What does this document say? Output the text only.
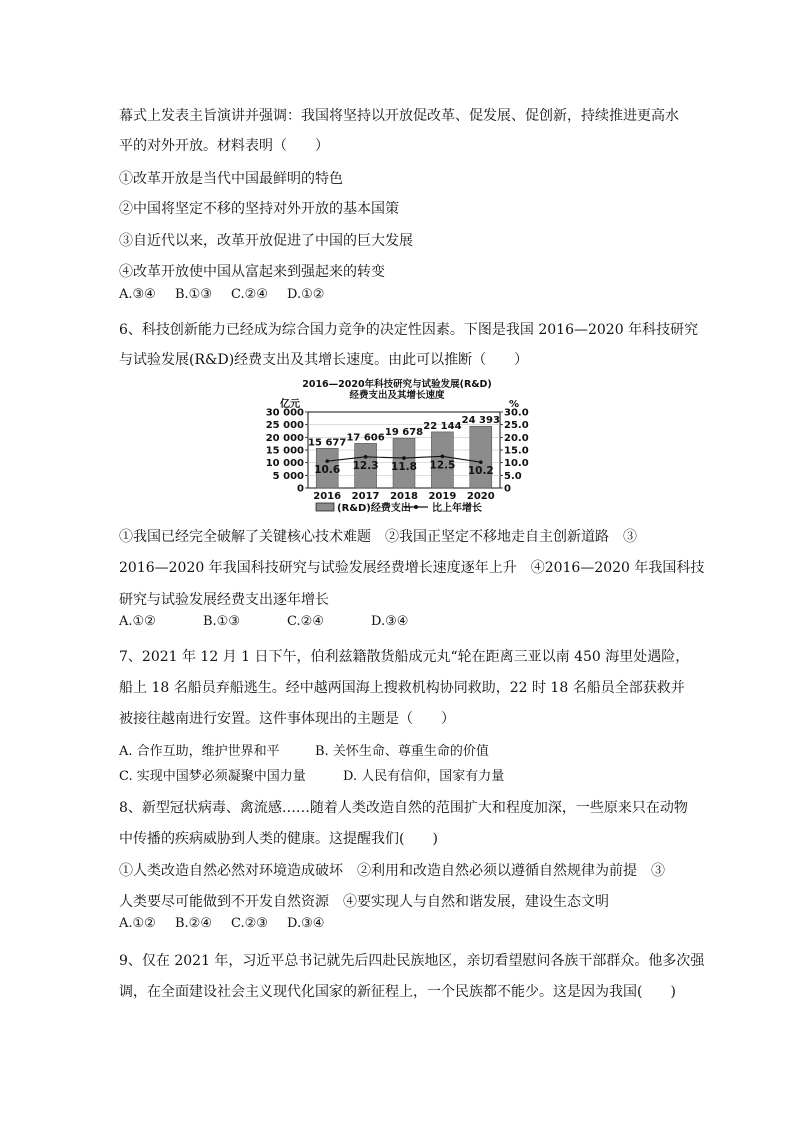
幕式上发表主旨演讲并强调：我国将坚持以开放促改革、促发展、促创新，持续推进更高水
平的对外开放。材料表明（　　）
①改革开放是当代中国最鲜明的特色
②中国将坚定不移的坚持对外开放的基本国策
③自近代以来，改革开放促进了中国的巨大发展
④改革开放使中国从富起来到强起来的转变
A.③④ B.①③ C.②④ D.①②
6、科技创新能力已经成为综合国力竞争的决定性因素。下图是我国 2016—2020 年科技研究
与试验发展(R&D)经费支出及其增长速度。由此可以推断（　　）
2016—2020年科技研究与试验发展(R&D)
经费支出及其增长速度
亿元	%
30 000
25 000
20 000
15 000
10 000
5 000
0
30.0
25.0
20.0
15.0
10.0
5.0
0
15 677 17 606 19 678
22 144
24 393
10.6 12.3 11.8 12.5 10.2
2016 2017 2018 2019 2020
(R&D)经费支出 比上年增长
①我国已经完全破解了关键核心技术难题　②我国正坚定不移地走自主创新道路　③
2016—2020 年我国科技研究与试验发展经费增长速度逐年上升　④2016—2020 年我国科技
研究与试验发展经费支出逐年增长
A.①②	B.①③	C.②④	D.③④
7、2021 年 12 月 1 日下午，伯利兹籍散货船成元丸“轮在距离三亚以南 450 海里处遇险，
船上 18 名船员弃船逃生。经中越两国海上搜救机构协同救助，22 时 18 名船员全部获救并
被接往越南进行安置。这件事体现出的主题是（　　）
A. 合作互助，维护世界和平	B. 关怀生命、尊重生命的价值
C. 实现中国梦必须凝聚中国力量	D. 人民有信仰，国家有力量
8、新型冠状病毒、禽流感……随着人类改造自然的范围扩大和程度加深，一些原来只在动物
中传播的疾病威胁到人类的健康。这提醒我们(　　)
①人类改造自然必然对环境造成破坏　②利用和改造自然必须以遵循自然规律为前提　③
人类要尽可能做到不开发自然资源　④要实现人与自然和谐发展，建设生态文明
A.①② B.②④ C.②③ D.③④
9、仅在 2021 年，习近平总书记就先后四赴民族地区，亲切看望慰问各族干部群众。他多次强
调，在全面建设社会主义现代化国家的新征程上，一个民族都不能少。这是因为我国(　　)
